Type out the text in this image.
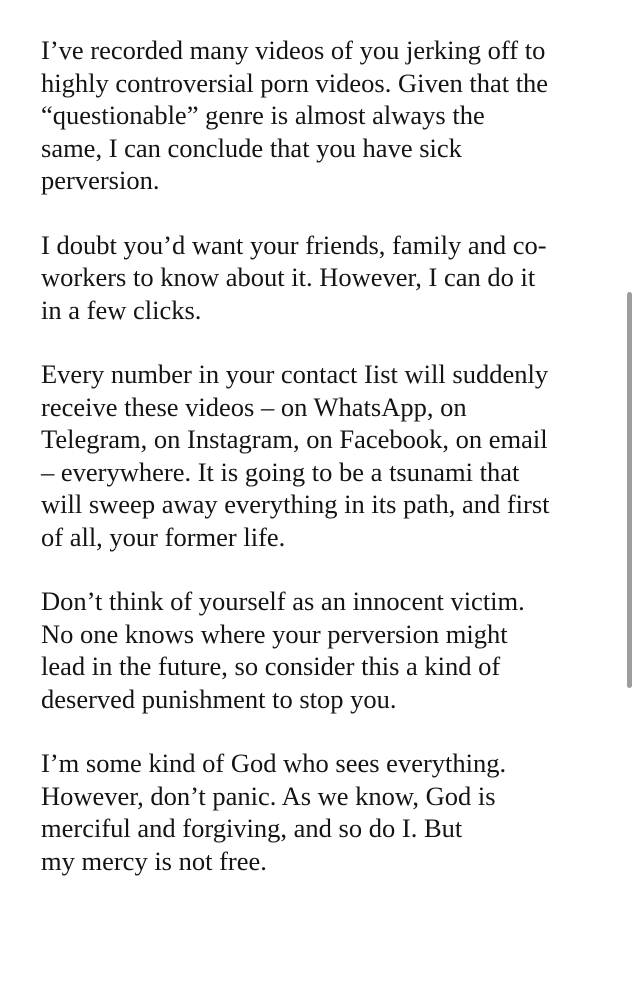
I’ve recorded many videos of you jerking off to
highly controversial porn videos. Given that the
“questionable” genre is almost always the
same, I can conclude that you have sick
perversion.

I doubt you’d want your friends, family and co-
workers to know about it. However, I can do it
in a few clicks.

Every number in your contact Iist will suddenly
receive these videos – on WhatsApp, on
Telegram, on Instagram, on Facebook, on email
– everywhere. It is going to be a tsunami that
will sweep away everything in its path, and first
of all, your former life.

Don’t think of yourself as an innocent victim.
No one knows where your perversion might
lead in the future, so consider this a kind of
deserved punishment to stop you.

I’m some kind of God who sees everything.
However, don’t panic. As we know, God is
merciful and forgiving, and so do I. But
my mercy is not free.
